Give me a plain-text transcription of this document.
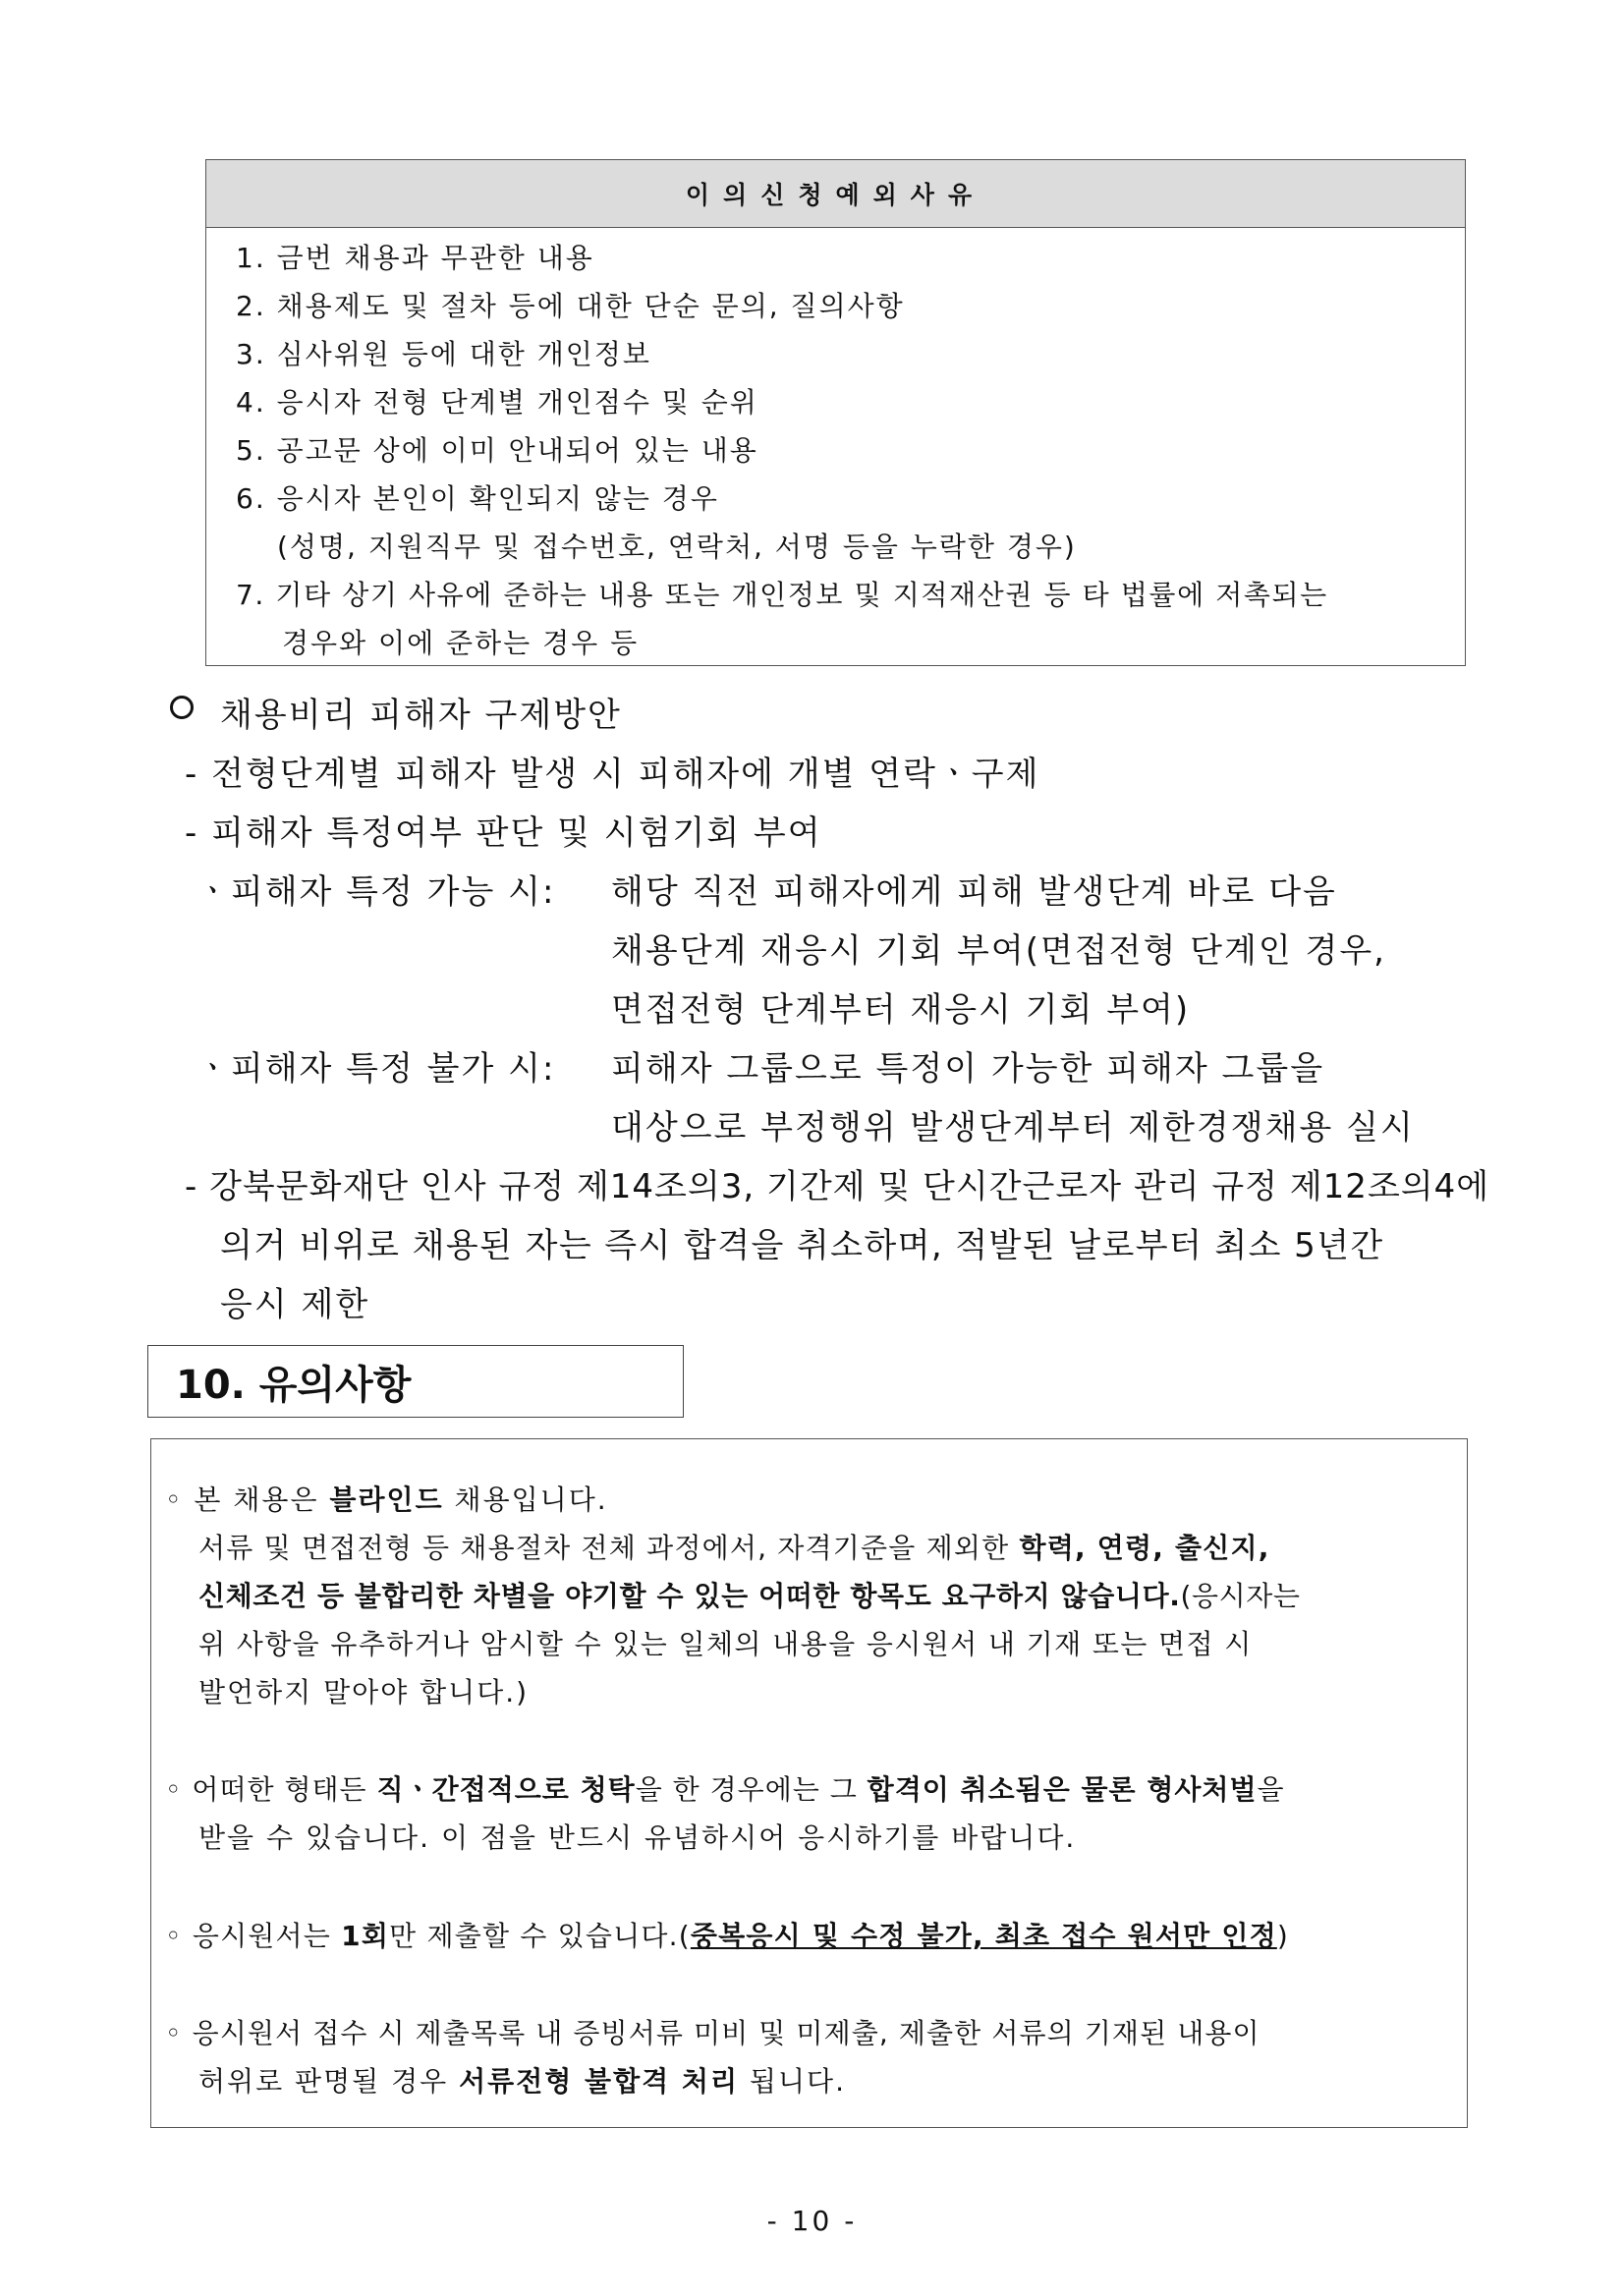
이의신청예외사유
1. 금번 채용과 무관한 내용
2. 채용제도 및 절차 등에 대한 단순 문의, 질의사항
3. 심사위원 등에 대한 개인정보
4. 응시자 전형 단계별 개인점수 및 순위
5. 공고문 상에 이미 안내되어 있는 내용
6. 응시자 본인이 확인되지 않는 경우
(성명, 지원직무 및 접수번호, 연락처, 서명 등을 누락한 경우)
7. 기타 상기 사유에 준하는 내용 또는 개인정보 및 지적재산권 등 타 법률에 저촉되는
경우와 이에 준하는 경우 등
채용비리 피해자 구제방안
- 전형단계별 피해자 발생 시 피해자에 개별 연락ㆍ구제
- 피해자 특정여부 판단 및 시험기회 부여
ㆍ피해자 특정 가능 시: 해당 직전 피해자에게 피해 발생단계 바로 다음
채용단계 재응시 기회 부여(면접전형 단계인 경우,
면접전형 단계부터 재응시 기회 부여)
ㆍ피해자 특정 불가 시: 피해자 그룹으로 특정이 가능한 피해자 그룹을
대상으로 부정행위 발생단계부터 제한경쟁채용 실시
- 강북문화재단 인사 규정 제14조의3, 기간제 및 단시간근로자 관리 규정 제12조의4에
의거 비위로 채용된 자는 즉시 합격을 취소하며, 적발된 날로부터 최소 5년간
응시 제한
10. 유의사항
◦ 본 채용은 블라인드 채용입니다.
서류 및 면접전형 등 채용절차 전체 과정에서, 자격기준을 제외한 학력, 연령, 출신지,
신체조건 등 불합리한 차별을 야기할 수 있는 어떠한 항목도 요구하지 않습니다.(응시자는
위 사항을 유추하거나 암시할 수 있는 일체의 내용을 응시원서 내 기재 또는 면접 시
발언하지 말아야 합니다.)
◦ 어떠한 형태든 직ㆍ간접적으로 청탁을 한 경우에는 그 합격이 취소됨은 물론 형사처벌을
받을 수 있습니다. 이 점을 반드시 유념하시어 응시하기를 바랍니다.
◦ 응시원서는 1회만 제출할 수 있습니다.(중복응시 및 수정 불가, 최초 접수 원서만 인정)
◦ 응시원서 접수 시 제출목록 내 증빙서류 미비 및 미제출, 제출한 서류의 기재된 내용이
허위로 판명될 경우 서류전형 불합격 처리 됩니다.
- 10 -
